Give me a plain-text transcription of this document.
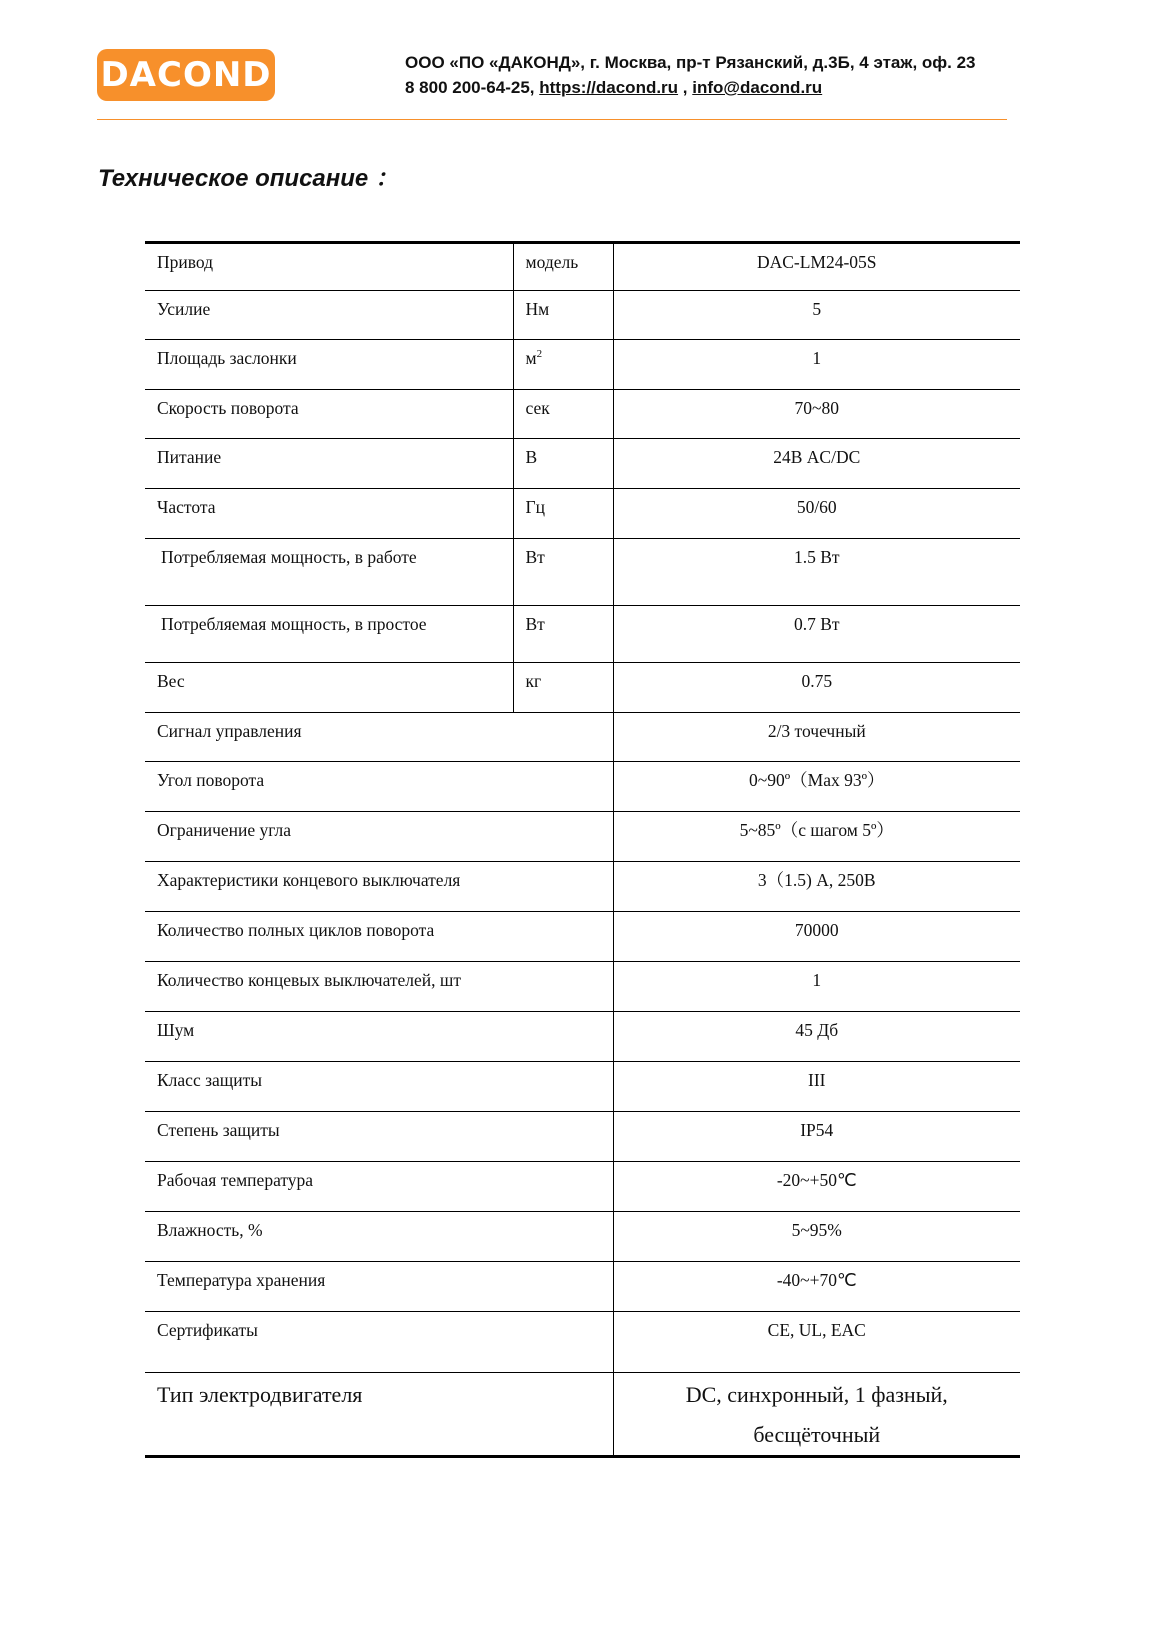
DACOND	ООО «ПО «ДАКОНД», г. Москва, пр-т Рязанский, д.3Б, 4 этаж, оф. 23
8 800 200-64-25, https://dacond.ru , info@dacond.ru
Техническое описание ：
Привод	модель	DAC-LM24-05S
Усилие	Нм	5
Площадь заслонки	$м^2$	1
Скорость поворота	сек	70~80
Питание	В	24В AC/DC
Частота	Гц	50/60
Потребляемая мощность, в работе	Вт	1.5 Вт
Потребляемая мощность, в простое	Вт	0.7 Вт
Вес	кг	0.75
Сигнал управления		2/3 точечный
Угол поворота		0~90º（Max 93º）
Ограничение угла		5~85º（с шагом 5º）
Характеристики концевого выключателя		3（1.5) A, 250В
Количество полных циклов поворота		70000
Количество концевых выключателей, шт		1
Шум		45 Дб
Класс защиты		III
Степень защиты		IP54
Рабочая температура		-20~+50℃
Влажность, %		5~95%
Температура хранения		-40~+70℃
Сертификаты		CE, UL, EAC
Тип электродвигателя		DC, синхронный, 1 фазный,
бесщёточный
